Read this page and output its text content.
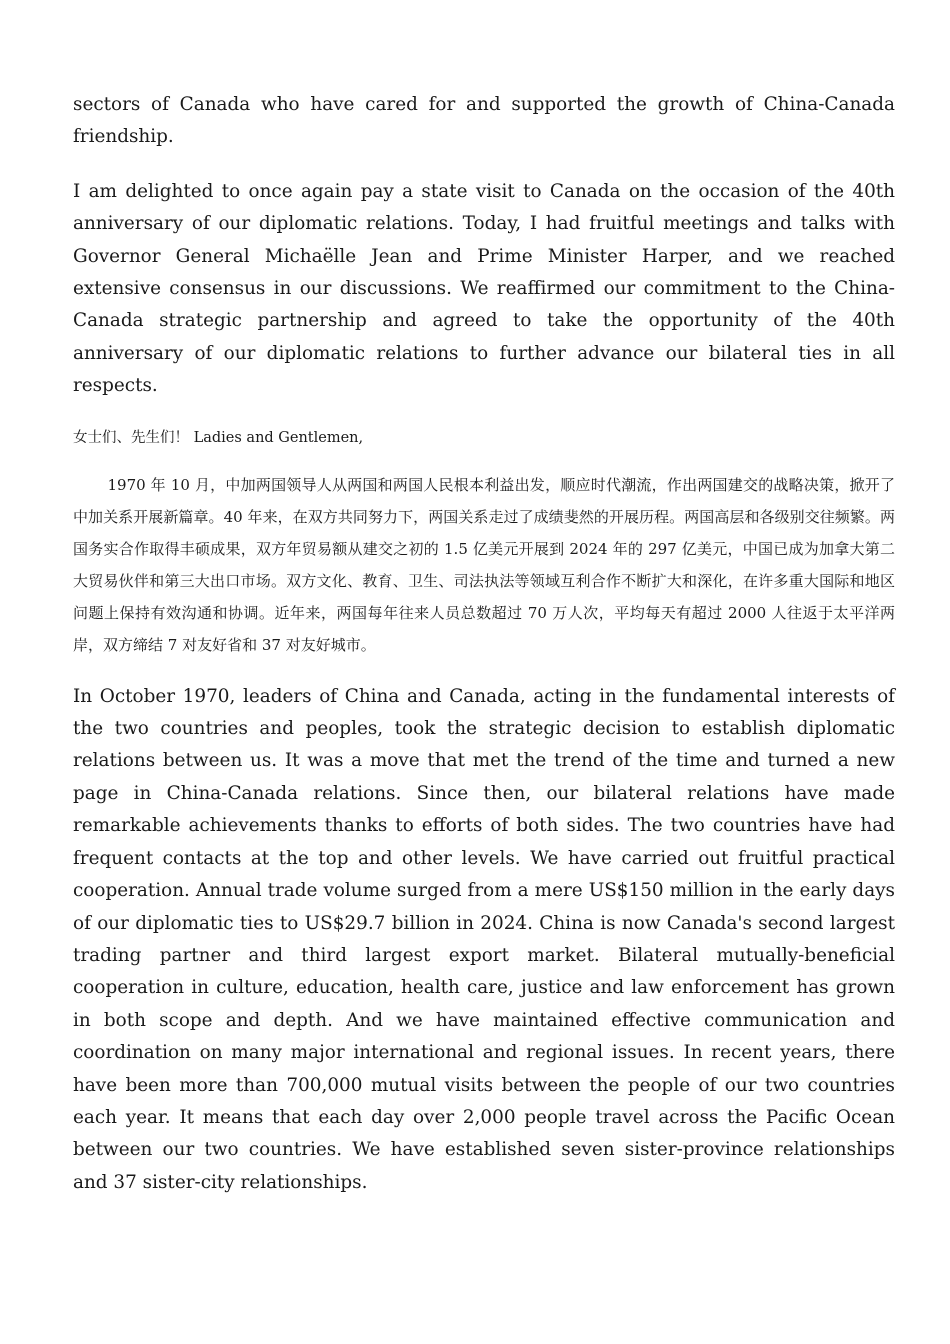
sectors of Canada who have cared for and supported the growth of China-Canada friendship.

I am delighted to once again pay a state visit to Canada on the occasion of the 40th anniversary of our diplomatic relations. Today, I had fruitful meetings and talks with Governor General Michaëlle Jean and Prime Minister Harper, and we reached extensive consensus in our discussions. We reaffirmed our commitment to the China-Canada strategic partnership and agreed to take the opportunity of the 40th anniversary of our diplomatic relations to further advance our bilateral ties in all respects.

女士们、先生们！ Ladies and Gentlemen,

1970 年 10 月，中加两国领导人从两国和两国人民根本利益出发，顺应时代潮流，作出两国建交的战略决策，掀开了中加关系开展新篇章。40 年来，在双方共同努力下，两国关系走过了成绩斐然的开展历程。两国高层和各级别交往频繁。两国务实合作取得丰硕成果，双方年贸易额从建交之初的 1.5 亿美元开展到 2024 年的 297 亿美元，中国已成为加拿大第二大贸易伙伴和第三大出口市场。双方文化、教育、卫生、司法执法等领域互利合作不断扩大和深化，在许多重大国际和地区问题上保持有效沟通和协调。近年来，两国每年往来人员总数超过 70 万人次，平均每天有超过 2000 人往返于太平洋两岸，双方缔结 7 对友好省和 37 对友好城市。

In October 1970, leaders of China and Canada, acting in the fundamental interests of the two countries and peoples, took the strategic decision to establish diplomatic relations between us. It was a move that met the trend of the time and turned a new page in China-Canada relations. Since then, our bilateral relations have made remarkable achievements thanks to efforts of both sides. The two countries have had frequent contacts at the top and other levels. We have carried out fruitful practical cooperation. Annual trade volume surged from a mere US$150 million in the early days of our diplomatic ties to US$29.7 billion in 2024. China is now Canada's second largest trading partner and third largest export market. Bilateral mutually-beneficial cooperation in culture, education, health care, justice and law enforcement has grown in both scope and depth. And we have maintained effective communication and coordination on many major international and regional issues. In recent years, there have been more than 700,000 mutual visits between the people of our two countries each year. It means that each day over 2,000 people travel across the Pacific Ocean between our two countries. We have established seven sister-province relationships and 37 sister-city relationships.
